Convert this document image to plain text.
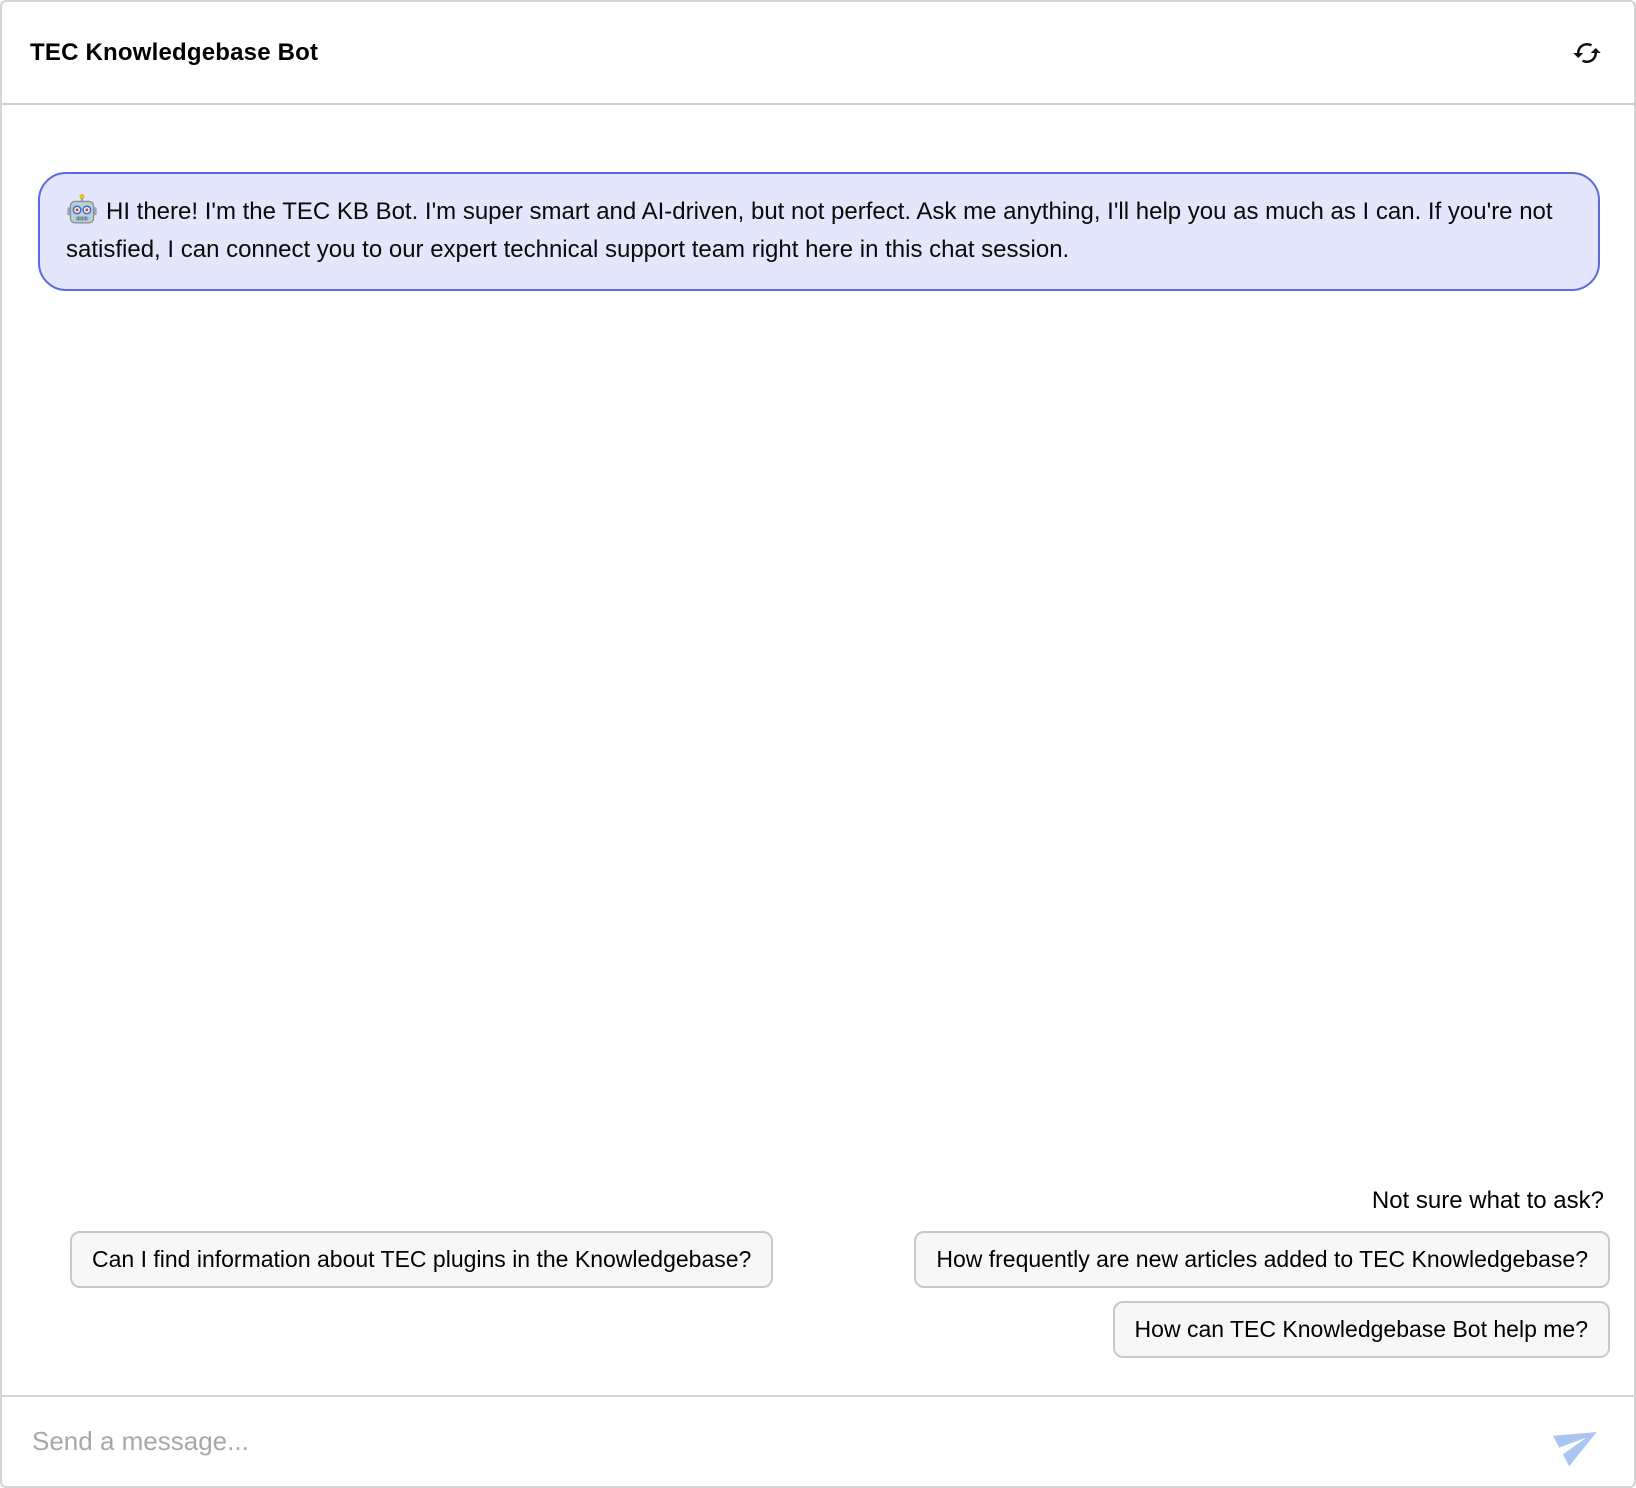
TEC Knowledgebase Bot
HI there! I'm the TEC KB Bot. I'm super smart and AI-driven, but not perfect. Ask me anything, I'll help you as much as I can. If you're not satisfied, I can connect you to our expert technical support team right here in this chat session.
Not sure what to ask?
Can I find information about TEC plugins in the Knowledgebase?	How frequently are new articles added to TEC Knowledgebase?
How can TEC Knowledgebase Bot help me?
Send a message...
